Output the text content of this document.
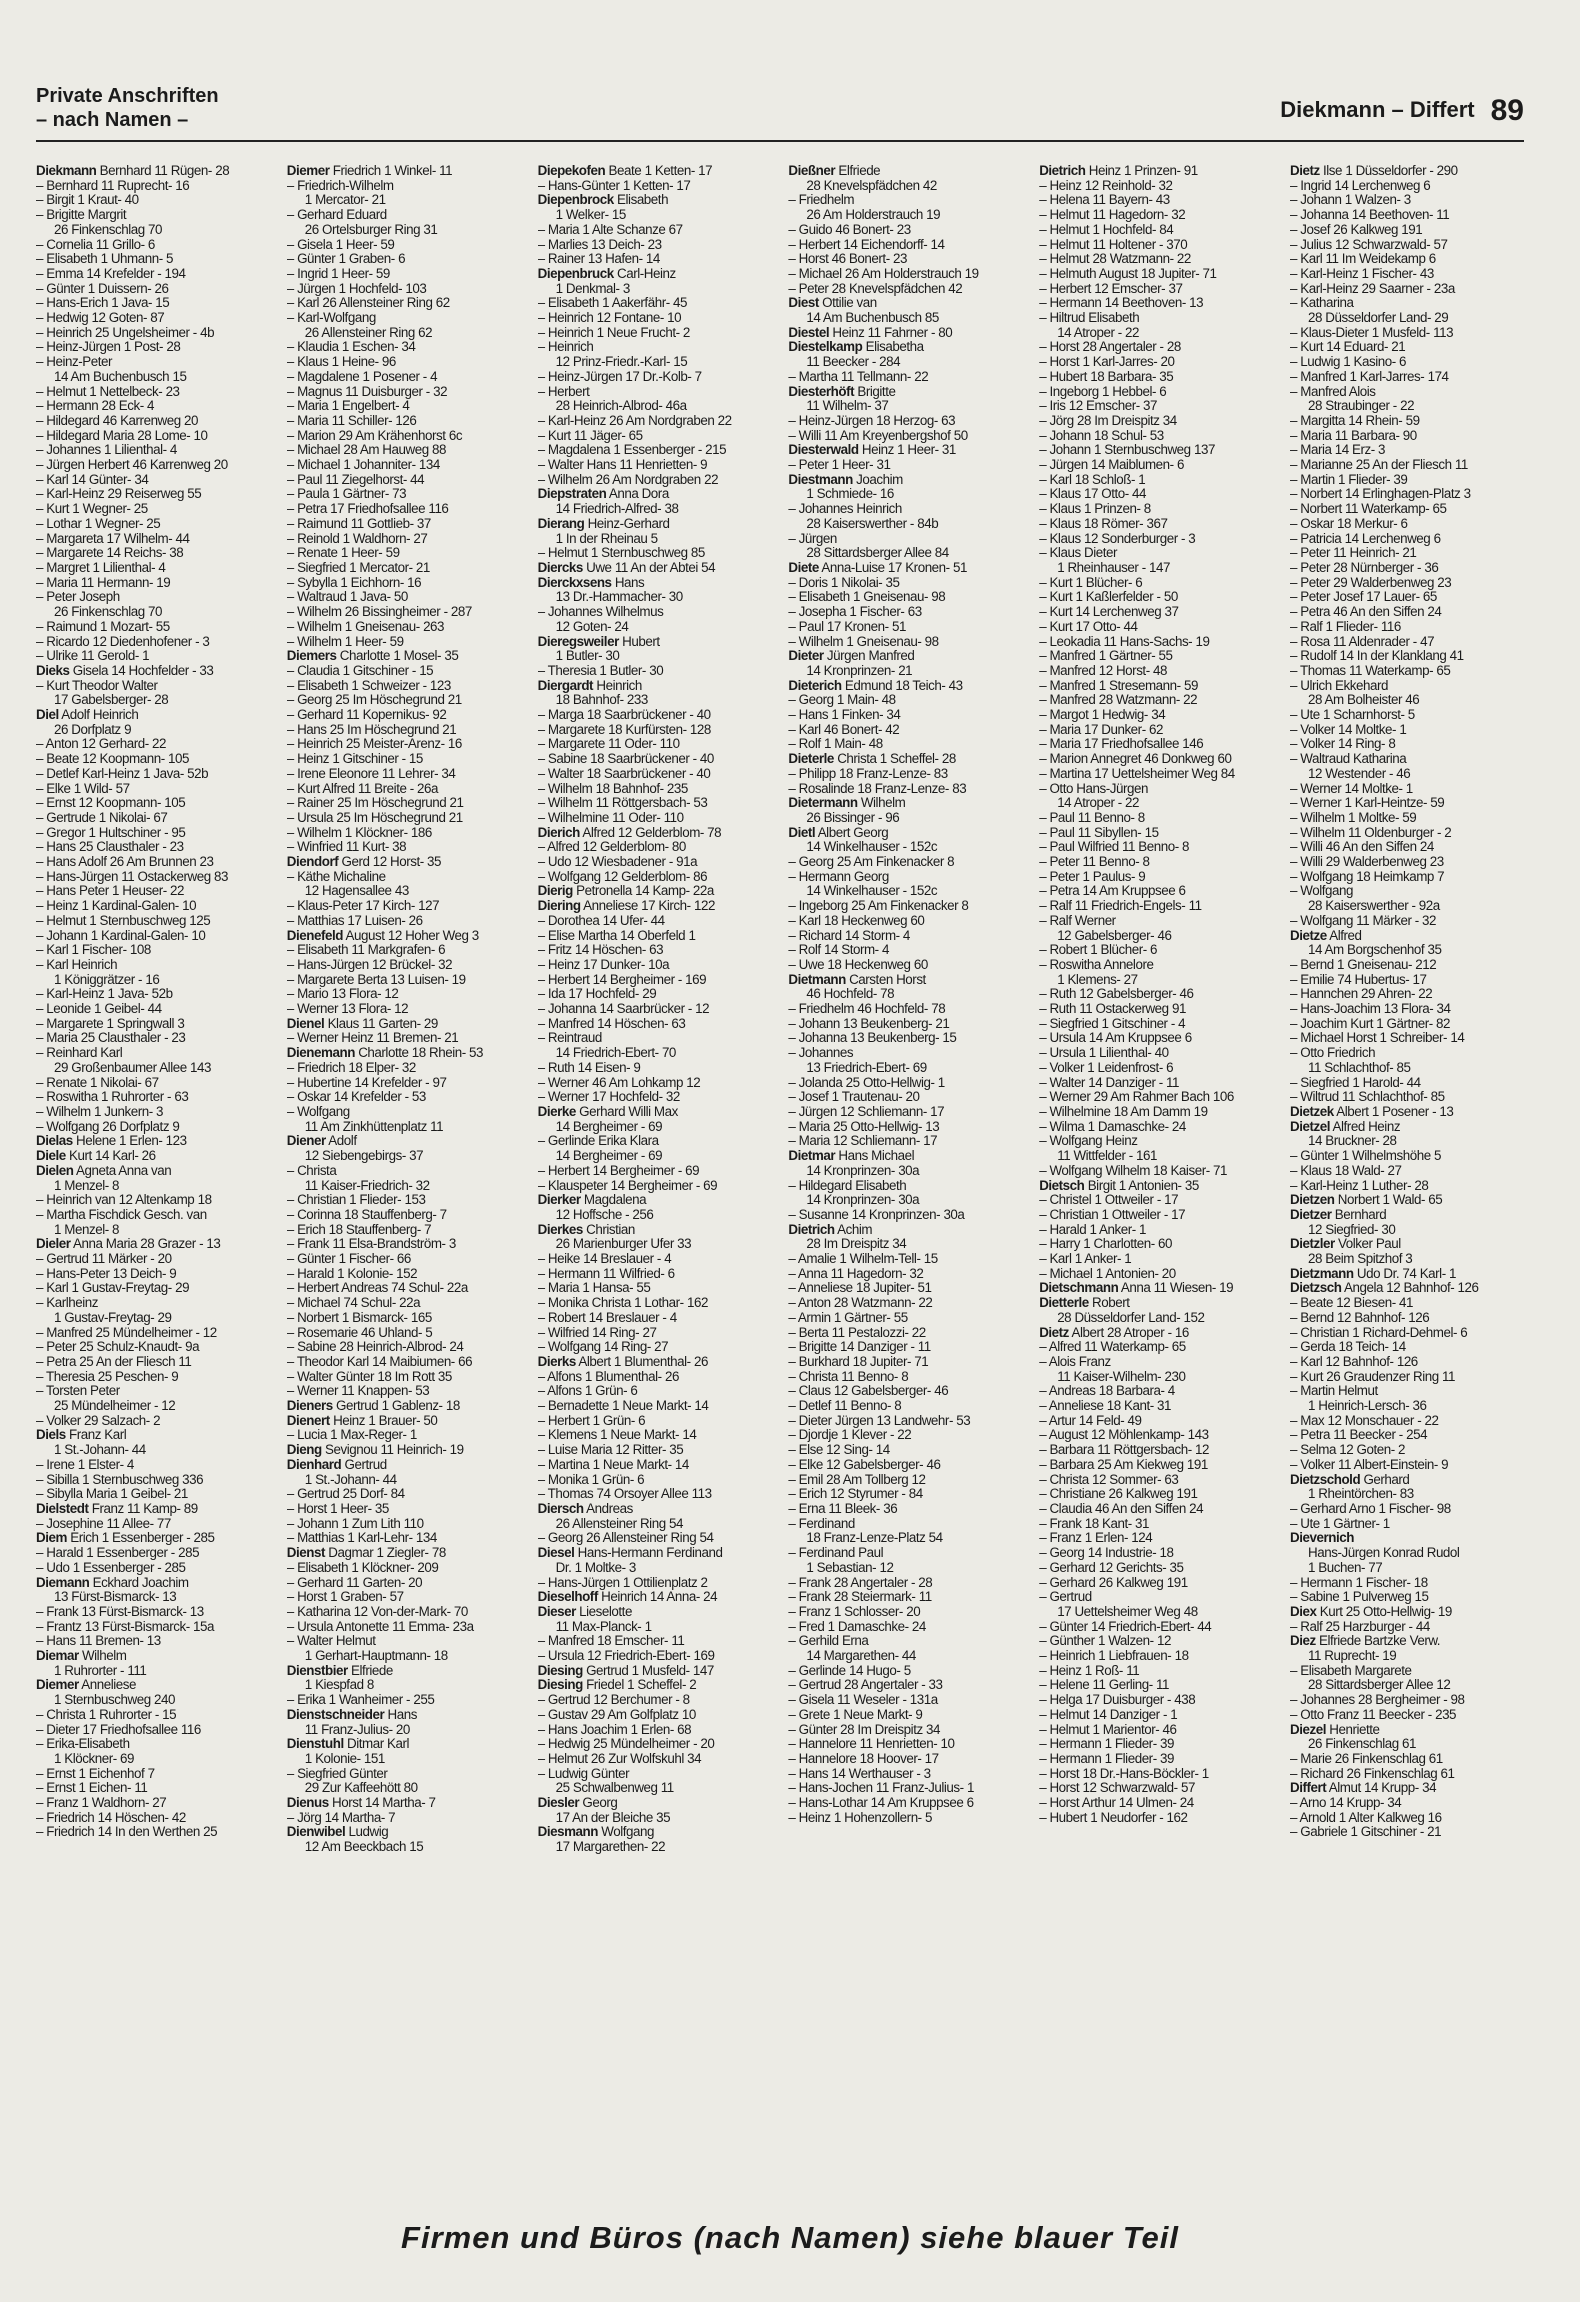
Private Anschriften
– nach Namen –	Diekmann – Differt 89
Diekmann Bernhard 11 Rügen- 28
– Bernhard 11 Ruprecht- 16
– Birgit 1 Kraut- 40
– Brigitte Margrit
26 Finkenschlag 70
– Cornelia 11 Grillo- 6
– Elisabeth 1 Uhmann- 5
– Emma 14 Krefelder - 194
– Günter 1 Duissern- 26
– Hans-Erich 1 Java- 15
– Hedwig 12 Goten- 87
– Heinrich 25 Ungelsheimer - 4b
– Heinz-Jürgen 1 Post- 28
– Heinz-Peter
14 Am Buchenbusch 15
– Helmut 1 Nettelbeck- 23
– Hermann 28 Eck- 4
– Hildegard 46 Karrenweg 20
– Hildegard Maria 28 Lome- 10
– Johannes 1 Lilienthal- 4
– Jürgen Herbert 46 Karrenweg 20
– Karl 14 Günter- 34
– Karl-Heinz 29 Reiserweg 55
– Kurt 1 Wegner- 25
– Lothar 1 Wegner- 25
– Margareta 17 Wilhelm- 44
– Margarete 14 Reichs- 38
– Margret 1 Lilienthal- 4
– Maria 11 Hermann- 19
– Peter Joseph
26 Finkenschlag 70
– Raimund 1 Mozart- 55
– Ricardo 12 Diedenhofener - 3
– Ulrike 11 Gerold- 1
Dieks Gisela 14 Hochfelder - 33
– Kurt Theodor Walter
17 Gabelsberger- 28
Diel Adolf Heinrich
26 Dorfplatz 9
– Anton 12 Gerhard- 22
– Beate 12 Koopmann- 105
– Detlef Karl-Heinz 1 Java- 52b
– Elke 1 Wild- 57
– Ernst 12 Koopmann- 105
– Gertrude 1 Nikolai- 67
– Gregor 1 Hultschiner - 95
– Hans 25 Clausthaler - 23
– Hans Adolf 26 Am Brunnen 23
– Hans-Jürgen 11 Ostackerweg 83
– Hans Peter 1 Heuser- 22
– Heinz 1 Kardinal-Galen- 10
– Helmut 1 Sternbuschweg 125
– Johann 1 Kardinal-Galen- 10
– Karl 1 Fischer- 108
– Karl Heinrich
1 Königgrätzer - 16
– Karl-Heinz 1 Java- 52b
– Leonide 1 Geibel- 44
– Margarete 1 Springwall 3
– Maria 25 Clausthaler - 23
– Reinhard Karl
29 Großenbaumer Allee 143
– Renate 1 Nikolai- 67
– Roswitha 1 Ruhrorter - 63
– Wilhelm 1 Junkern- 3
– Wolfgang 26 Dorfplatz 9
Dielas Helene 1 Erlen- 123
Diele Kurt 14 Karl- 26
Dielen Agneta Anna van
1 Menzel- 8
– Heinrich van 12 Altenkamp 18
– Martha Fischdick Gesch. van
1 Menzel- 8
Dieler Anna Maria 28 Grazer - 13
– Gertrud 11 Märker - 20
– Hans-Peter 13 Deich- 9
– Karl 1 Gustav-Freytag- 29
– Karlheinz
1 Gustav-Freytag- 29
– Manfred 25 Mündelheimer - 12
– Peter 25 Schulz-Knaudt- 9a
– Petra 25 An der Fliesch 11
– Theresia 25 Peschen- 9
– Torsten Peter
25 Mündelheimer - 12
– Volker 29 Salzach- 2
Diels Franz Karl
1 St.-Johann- 44
– Irene 1 Elster- 4
– Sibilla 1 Sternbuschweg 336
– Sibylla Maria 1 Geibel- 21
Dielstedt Franz 11 Kamp- 89
– Josephine 11 Allee- 77
Diem Erich 1 Essenberger - 285
– Harald 1 Essenberger - 285
– Udo 1 Essenberger - 285
Diemann Eckhard Joachim
13 Fürst-Bismarck- 13
– Frank 13 Fürst-Bismarck- 13
– Frantz 13 Fürst-Bismarck- 15a
– Hans 11 Bremen- 13
Diemar Wilhelm
1 Ruhrorter - 111
Diemer Anneliese
1 Sternbuschweg 240
– Christa 1 Ruhrorter - 15
– Dieter 17 Friedhofsallee 116
– Erika-Elisabeth
1 Klöckner- 69
– Ernst 1 Eichenhof 7
– Ernst 1 Eichen- 11
– Franz 1 Waldhorn- 27
– Friedrich 14 Höschen- 42
– Friedrich 14 In den Werthen 25
Diemer Friedrich 1 Winkel- 11
– Friedrich-Wilhelm
1 Mercator- 21
– Gerhard Eduard
26 Ortelsburger Ring 31
– Gisela 1 Heer- 59
– Günter 1 Graben- 6
– Ingrid 1 Heer- 59
– Jürgen 1 Hochfeld- 103
– Karl 26 Allensteiner Ring 62
– Karl-Wolfgang
26 Allensteiner Ring 62
– Klaudia 1 Eschen- 34
– Klaus 1 Heine- 96
– Magdalene 1 Posener - 4
– Magnus 11 Duisburger - 32
– Maria 1 Engelbert- 4
– Maria 11 Schiller- 126
– Marion 29 Am Krähenhorst 6c
– Michael 28 Am Hauweg 88
– Michael 1 Johanniter- 134
– Paul 11 Ziegelhorst- 44
– Paula 1 Gärtner- 73
– Petra 17 Friedhofsallee 116
– Raimund 11 Gottlieb- 37
– Reinold 1 Waldhorn- 27
– Renate 1 Heer- 59
– Siegfried 1 Mercator- 21
– Sybylla 1 Eichhorn- 16
– Waltraud 1 Java- 50
– Wilhelm 26 Bissingheimer - 287
– Wilhelm 1 Gneisenau- 263
– Wilhelm 1 Heer- 59
Diemers Charlotte 1 Mosel- 35
– Claudia 1 Gitschiner - 15
– Elisabeth 1 Schweizer - 123
– Georg 25 Im Höschegrund 21
– Gerhard 11 Kopernikus- 92
– Hans 25 Im Höschegrund 21
– Heinrich 25 Meister-Arenz- 16
– Heinz 1 Gitschiner - 15
– Irene Eleonore 11 Lehrer- 34
– Kurt Alfred 11 Breite - 26a
– Rainer 25 Im Höschegrund 21
– Ursula 25 Im Höschegrund 21
– Wilhelm 1 Klöckner- 186
– Winfried 11 Kurt- 38
Diendorf Gerd 12 Horst- 35
– Käthe Michaline
12 Hagensallee 43
– Klaus-Peter 17 Kirch- 127
– Matthias 17 Luisen- 26
Dienefeld August 12 Hoher Weg 3
– Elisabeth 11 Markgrafen- 6
– Hans-Jürgen 12 Brückel- 32
– Margarete Berta 13 Luisen- 19
– Mario 13 Flora- 12
– Werner 13 Flora- 12
Dienel Klaus 11 Garten- 29
– Werner Heinz 11 Bremen- 21
Dienemann Charlotte 18 Rhein- 53
– Friedrich 18 Elper- 32
– Hubertine 14 Krefelder - 97
– Oskar 14 Krefelder - 53
– Wolfgang
11 Am Zinkhüttenplatz 11
Diener Adolf
12 Siebengebirgs- 37
– Christa
11 Kaiser-Friedrich- 32
– Christian 1 Flieder- 153
– Corinna 18 Stauffenberg- 7
– Erich 18 Stauffenberg- 7
– Frank 11 Elsa-Brandström- 3
– Günter 1 Fischer- 66
– Harald 1 Kolonie- 152
– Herbert Andreas 74 Schul- 22a
– Michael 74 Schul- 22a
– Norbert 1 Bismarck- 165
– Rosemarie 46 Uhland- 5
– Sabine 28 Heinrich-Albrod- 24
– Theodor Karl 14 Maibiumen- 66
– Walter Günter 18 Im Rott 35
– Werner 11 Knappen- 53
Dieners Gertrud 1 Gablenz- 18
Dienert Heinz 1 Brauer- 50
– Lucia 1 Max-Reger- 1
Dieng Sevignou 11 Heinrich- 19
Dienhard Gertrud
1 St.-Johann- 44
– Gertrud 25 Dorf- 84
– Horst 1 Heer- 35
– Johann 1 Zum Lith 110
– Matthias 1 Karl-Lehr- 134
Dienst Dagmar 1 Ziegler- 78
– Elisabeth 1 Klöckner- 209
– Gerhard 11 Garten- 20
– Horst 1 Graben- 57
– Katharina 12 Von-der-Mark- 70
– Ursula Antonette 11 Emma- 23a
– Walter Helmut
1 Gerhart-Hauptmann- 18
Dienstbier Elfriede
1 Kiespfad 8
– Erika 1 Wanheimer - 255
Dienstschneider Hans
11 Franz-Julius- 20
Dienstuhl Ditmar Karl
1 Kolonie- 151
– Siegfried Günter
29 Zur Kaffeehött 80
Dienus Horst 14 Martha- 7
– Jörg 14 Martha- 7
Dienwibel Ludwig
12 Am Beeckbach 15
Diepekofen Beate 1 Ketten- 17
– Hans-Günter 1 Ketten- 17
Diepenbrock Elisabeth
1 Welker- 15
– Maria 1 Alte Schanze 67
– Marlies 13 Deich- 23
– Rainer 13 Hafen- 14
Diepenbruck Carl-Heinz
1 Denkmal- 3
– Elisabeth 1 Aakerfähr- 45
– Heinrich 12 Fontane- 10
– Heinrich 1 Neue Frucht- 2
– Heinrich
12 Prinz-Friedr.-Karl- 15
– Heinz-Jürgen 17 Dr.-Kolb- 7
– Herbert
28 Heinrich-Albrod- 46a
– Karl-Heinz 26 Am Nordgraben 22
– Kurt 11 Jäger- 65
– Magdalena 1 Essenberger - 215
– Walter Hans 11 Henrietten- 9
– Wilhelm 26 Am Nordgraben 22
Diepstraten Anna Dora
14 Friedrich-Alfred- 38
Dierang Heinz-Gerhard
1 In der Rheinau 5
– Helmut 1 Sternbuschweg 85
Diercks Uwe 11 An der Abtei 54
Dierckxsens Hans
13 Dr.-Hammacher- 30
– Johannes Wilhelmus
12 Goten- 24
Dieregsweiler Hubert
1 Butler- 30
– Theresia 1 Butler- 30
Diergardt Heinrich
18 Bahnhof- 233
– Marga 18 Saarbrückener - 40
– Margarete 18 Kurfürsten- 128
– Margarete 11 Oder- 110
– Sabine 18 Saarbrückener - 40
– Walter 18 Saarbrückener - 40
– Wilhelm 18 Bahnhof- 235
– Wilhelm 11 Röttgersbach- 53
– Wilhelmine 11 Oder- 110
Dierich Alfred 12 Gelderblom- 78
– Alfred 12 Gelderblom- 80
– Udo 12 Wiesbadener - 91a
– Wolfgang 12 Gelderblom- 86
Dierig Petronella 14 Kamp- 22a
Diering Anneliese 17 Kirch- 122
– Dorothea 14 Ufer- 44
– Elise Martha 14 Oberfeld 1
– Fritz 14 Höschen- 63
– Heinz 17 Dunker- 10a
– Herbert 14 Bergheimer - 169
– Ida 17 Hochfeld- 29
– Johanna 14 Saarbrücker - 12
– Manfred 14 Höschen- 63
– Reintraud
14 Friedrich-Ebert- 70
– Ruth 14 Eisen- 9
– Werner 46 Am Lohkamp 12
– Werner 17 Hochfeld- 32
Dierke Gerhard Willi Max
14 Bergheimer - 69
– Gerlinde Erika Klara
14 Bergheimer - 69
– Herbert 14 Bergheimer - 69
– Klauspeter 14 Bergheimer - 69
Dierker Magdalena
12 Hoffsche - 256
Dierkes Christian
26 Marienburger Ufer 33
– Heike 14 Breslauer - 4
– Hermann 11 Wilfried- 6
– Maria 1 Hansa- 55
– Monika Christa 1 Lothar- 162
– Robert 14 Breslauer - 4
– Wilfried 14 Ring- 27
– Wolfgang 14 Ring- 27
Dierks Albert 1 Blumenthal- 26
– Alfons 1 Blumenthal- 26
– Alfons 1 Grün- 6
– Bernadette 1 Neue Markt- 14
– Herbert 1 Grün- 6
– Klemens 1 Neue Markt- 14
– Luise Maria 12 Ritter- 35
– Martina 1 Neue Markt- 14
– Monika 1 Grün- 6
– Thomas 74 Orsoyer Allee 113
Diersch Andreas
26 Allensteiner Ring 54
– Georg 26 Allensteiner Ring 54
Diesel Hans-Hermann Ferdinand
Dr. 1 Moltke- 3
– Hans-Jürgen 1 Ottilienplatz 2
Dieselhoff Heinrich 14 Anna- 24
Dieser Lieselotte
11 Max-Planck- 1
– Manfred 18 Emscher- 11
– Ursula 12 Friedrich-Ebert- 169
Diesing Gertrud 1 Musfeld- 147
Diesing Friedel 1 Scheffel- 2
– Gertrud 12 Berchumer - 8
– Gustav 29 Am Golfplatz 10
– Hans Joachim 1 Erlen- 68
– Hedwig 25 Mündelheimer - 20
– Helmut 26 Zur Wolfskuhl 34
– Ludwig Günter
25 Schwalbenweg 11
Diesler Georg
17 An der Bleiche 35
Diesmann Wolfgang
17 Margarethen- 22
Dießner Elfriede
28 Knevelspfädchen 42
– Friedhelm
26 Am Holderstrauch 19
– Guido 46 Bonert- 23
– Herbert 14 Eichendorff- 14
– Horst 46 Bonert- 23
– Michael 26 Am Holderstrauch 19
– Peter 28 Knevelspfädchen 42
Diest Ottilie van
14 Am Buchenbusch 85
Diestel Heinz 11 Fahrner - 80
Diestelkamp Elisabetha
11 Beecker - 284
– Martha 11 Tellmann- 22
Diesterhöft Brigitte
11 Wilhelm- 37
– Heinz-Jürgen 18 Herzog- 63
– Willi 11 Am Kreyenbergshof 50
Diesterwald Heinz 1 Heer- 31
– Peter 1 Heer- 31
Diestmann Joachim
1 Schmiede- 16
– Johannes Heinrich
28 Kaiserswerther - 84b
– Jürgen
28 Sittardsberger Allee 84
Diete Anna-Luise 17 Kronen- 51
– Doris 1 Nikolai- 35
– Elisabeth 1 Gneisenau- 98
– Josepha 1 Fischer- 63
– Paul 17 Kronen- 51
– Wilhelm 1 Gneisenau- 98
Dieter Jürgen Manfred
14 Kronprinzen- 21
Dieterich Edmund 18 Teich- 43
– Georg 1 Main- 48
– Hans 1 Finken- 34
– Karl 46 Bonert- 42
– Rolf 1 Main- 48
Dieterle Christa 1 Scheffel- 28
– Philipp 18 Franz-Lenze- 83
– Rosalinde 18 Franz-Lenze- 83
Dietermann Wilhelm
26 Bissinger - 96
Dietl Albert Georg
14 Winkelhauser - 152c
– Georg 25 Am Finkenacker 8
– Hermann Georg
14 Winkelhauser - 152c
– Ingeborg 25 Am Finkenacker 8
– Karl 18 Heckenweg 60
– Richard 14 Storm- 4
– Rolf 14 Storm- 4
– Uwe 18 Heckenweg 60
Dietmann Carsten Horst
46 Hochfeld- 78
– Friedhelm 46 Hochfeld- 78
– Johann 13 Beukenberg- 21
– Johanna 13 Beukenberg- 15
– Johannes
13 Friedrich-Ebert- 69
– Jolanda 25 Otto-Hellwig- 1
– Josef 1 Trautenau- 20
– Jürgen 12 Schliemann- 17
– Maria 25 Otto-Hellwig- 13
– Maria 12 Schliemann- 17
Dietmar Hans Michael
14 Kronprinzen- 30a
– Hildegard Elisabeth
14 Kronprinzen- 30a
– Susanne 14 Kronprinzen- 30a
Dietrich Achim
28 Im Dreispitz 34
– Amalie 1 Wilhelm-Tell- 15
– Anna 11 Hagedorn- 32
– Anneliese 18 Jupiter- 51
– Anton 28 Watzmann- 22
– Armin 1 Gärtner- 55
– Berta 11 Pestalozzi- 22
– Brigitte 14 Danziger - 11
– Burkhard 18 Jupiter- 71
– Christa 11 Benno- 8
– Claus 12 Gabelsberger- 46
– Detlef 11 Benno- 8
– Dieter Jürgen 13 Landwehr- 53
– Djordje 1 Klever - 22
– Else 12 Sing- 14
– Elke 12 Gabelsberger- 46
– Emil 28 Am Tollberg 12
– Erich 12 Styrumer - 84
– Erna 11 Bleek- 36
– Ferdinand
18 Franz-Lenze-Platz 54
– Ferdinand Paul
1 Sebastian- 12
– Frank 28 Angertaler - 28
– Frank 28 Steiermark- 11
– Franz 1 Schlosser- 20
– Fred 1 Damaschke- 24
– Gerhild Erna
14 Margarethen- 44
– Gerlinde 14 Hugo- 5
– Gertrud 28 Angertaler - 33
– Gisela 11 Weseler - 131a
– Grete 1 Neue Markt- 9
– Günter 28 Im Dreispitz 34
– Hannelore 11 Henrietten- 10
– Hannelore 18 Hoover- 17
– Hans 14 Werthauser - 3
– Hans-Jochen 11 Franz-Julius- 1
– Hans-Lothar 14 Am Kruppsee 6
– Heinz 1 Hohenzollern- 5
Dietrich Heinz 1 Prinzen- 91
– Heinz 12 Reinhold- 32
– Helena 11 Bayern- 43
– Helmut 11 Hagedorn- 32
– Helmut 1 Hochfeld- 84
– Helmut 11 Holtener - 370
– Helmut 28 Watzmann- 22
– Helmuth August 18 Jupiter- 71
– Herbert 12 Emscher- 37
– Hermann 14 Beethoven- 13
– Hiltrud Elisabeth
14 Atroper - 22
– Horst 28 Angertaler - 28
– Horst 1 Karl-Jarres- 20
– Hubert 18 Barbara- 35
– Ingeborg 1 Hebbel- 6
– Iris 12 Emscher- 37
– Jörg 28 Im Dreispitz 34
– Johann 18 Schul- 53
– Johann 1 Sternbuschweg 137
– Jürgen 14 Maiblumen- 6
– Karl 18 Schloß- 1
– Klaus 17 Otto- 44
– Klaus 1 Prinzen- 8
– Klaus 18 Römer- 367
– Klaus 12 Sonderburger - 3
– Klaus Dieter
1 Rheinhauser - 147
– Kurt 1 Blücher- 6
– Kurt 1 Kaßlerfelder - 50
– Kurt 14 Lerchenweg 37
– Kurt 17 Otto- 44
– Leokadia 11 Hans-Sachs- 19
– Manfred 1 Gärtner- 55
– Manfred 12 Horst- 48
– Manfred 1 Stresemann- 59
– Manfred 28 Watzmann- 22
– Margot 1 Hedwig- 34
– Maria 17 Dunker- 62
– Maria 17 Friedhofsallee 146
– Marion Annegret 46 Donkweg 60
– Martina 17 Uettelsheimer Weg 84
– Otto Hans-Jürgen
14 Atroper - 22
– Paul 11 Benno- 8
– Paul 11 Sibyllen- 15
– Paul Wilfried 11 Benno- 8
– Peter 11 Benno- 8
– Peter 1 Paulus- 9
– Petra 14 Am Kruppsee 6
– Ralf 11 Friedrich-Engels- 11
– Ralf Werner
12 Gabelsberger- 46
– Robert 1 Blücher- 6
– Roswitha Annelore
1 Klemens- 27
– Ruth 12 Gabelsberger- 46
– Ruth 11 Ostackerweg 91
– Siegfried 1 Gitschiner - 4
– Ursula 14 Am Kruppsee 6
– Ursula 1 Lilienthal- 40
– Volker 1 Leidenfrost- 6
– Walter 14 Danziger - 11
– Werner 29 Am Rahmer Bach 106
– Wilhelmine 18 Am Damm 19
– Wilma 1 Damaschke- 24
– Wolfgang Heinz
11 Wittfelder - 161
– Wolfgang Wilhelm 18 Kaiser- 71
Dietsch Birgit 1 Antonien- 35
– Christel 1 Ottweiler - 17
– Christian 1 Ottweiler - 17
– Harald 1 Anker- 1
– Harry 1 Charlotten- 60
– Karl 1 Anker- 1
– Michael 1 Antonien- 20
Dietschmann Anna 11 Wiesen- 19
Dietterle Robert
28 Düsseldorfer Land- 152
Dietz Albert 28 Atroper - 16
– Alfred 11 Waterkamp- 65
– Alois Franz
11 Kaiser-Wilhelm- 230
– Andreas 18 Barbara- 4
– Anneliese 18 Kant- 31
– Artur 14 Feld- 49
– August 12 Möhlenkamp- 143
– Barbara 11 Röttgersbach- 12
– Barbara 25 Am Kiekweg 191
– Christa 12 Sommer- 63
– Christiane 26 Kalkweg 191
– Claudia 46 An den Siffen 24
– Frank 18 Kant- 31
– Franz 1 Erlen- 124
– Georg 14 Industrie- 18
– Gerhard 12 Gerichts- 35
– Gerhard 26 Kalkweg 191
– Gertrud
17 Uettelsheimer Weg 48
– Günter 14 Friedrich-Ebert- 44
– Günther 1 Walzen- 12
– Heinrich 1 Liebfrauen- 18
– Heinz 1 Roß- 11
– Helene 11 Gerling- 11
– Helga 17 Duisburger - 438
– Helmut 14 Danziger - 1
– Helmut 1 Marientor- 46
– Hermann 1 Flieder- 39
– Hermann 1 Flieder- 39
– Horst 18 Dr.-Hans-Böckler- 1
– Horst 12 Schwarzwald- 57
– Horst Arthur 14 Ulmen- 24
– Hubert 1 Neudorfer - 162
Dietz Ilse 1 Düsseldorfer - 290
– Ingrid 14 Lerchenweg 6
– Johann 1 Walzen- 3
– Johanna 14 Beethoven- 11
– Josef 26 Kalkweg 191
– Julius 12 Schwarzwald- 57
– Karl 11 Im Weidekamp 6
– Karl-Heinz 1 Fischer- 43
– Karl-Heinz 29 Saarner - 23a
– Katharina
28 Düsseldorfer Land- 29
– Klaus-Dieter 1 Musfeld- 113
– Kurt 14 Eduard- 21
– Ludwig 1 Kasino- 6
– Manfred 1 Karl-Jarres- 174
– Manfred Alois
28 Straubinger - 22
– Margitta 14 Rhein- 59
– Maria 11 Barbara- 90
– Maria 14 Erz- 3
– Marianne 25 An der Fliesch 11
– Martin 1 Flieder- 39
– Norbert 14 Erlinghagen-Platz 3
– Norbert 11 Waterkamp- 65
– Oskar 18 Merkur- 6
– Patricia 14 Lerchenweg 6
– Peter 11 Heinrich- 21
– Peter 28 Nürnberger - 36
– Peter 29 Walderbenweg 23
– Peter Josef 17 Lauer- 65
– Petra 46 An den Siffen 24
– Ralf 1 Flieder- 116
– Rosa 11 Aldenrader - 47
– Rudolf 14 In der Klanklang 41
– Thomas 11 Waterkamp- 65
– Ulrich Ekkehard
28 Am Bolheister 46
– Ute 1 Scharnhorst- 5
– Volker 14 Moltke- 1
– Volker 14 Ring- 8
– Waltraud Katharina
12 Westender - 46
– Werner 14 Moltke- 1
– Werner 1 Karl-Heintze- 59
– Wilhelm 1 Moltke- 59
– Wilhelm 11 Oldenburger - 2
– Willi 46 An den Siffen 24
– Willi 29 Walderbenweg 23
– Wolfgang 18 Heimkamp 7
– Wolfgang
28 Kaiserswerther - 92a
– Wolfgang 11 Märker - 32
Dietze Alfred
14 Am Borgschenhof 35
– Bernd 1 Gneisenau- 212
– Emilie 74 Hubertus- 17
– Hannchen 29 Ahren- 22
– Hans-Joachim 13 Flora- 34
– Joachim Kurt 1 Gärtner- 82
– Michael Horst 1 Schreiber- 14
– Otto Friedrich
11 Schlachthof- 85
– Siegfried 1 Harold- 44
– Wiltrud 11 Schlachthof- 85
Dietzek Albert 1 Posener - 13
Dietzel Alfred Heinz
14 Bruckner- 28
– Günter 1 Wilhelmshöhe 5
– Klaus 18 Wald- 27
– Karl-Heinz 1 Luther- 28
Dietzen Norbert 1 Wald- 65
Dietzer Bernhard
12 Siegfried- 30
Dietzler Volker Paul
28 Beim Spitzhof 3
Dietzmann Udo Dr. 74 Karl- 1
Dietzsch Angela 12 Bahnhof- 126
– Beate 12 Biesen- 41
– Bernd 12 Bahnhof- 126
– Christian 1 Richard-Dehmel- 6
– Gerda 18 Teich- 14
– Karl 12 Bahnhof- 126
– Kurt 26 Graudenzer Ring 11
– Martin Helmut
1 Heinrich-Lersch- 36
– Max 12 Monschauer - 22
– Petra 11 Beecker - 254
– Selma 12 Goten- 2
– Volker 11 Albert-Einstein- 9
Dietzschold Gerhard
1 Rheintörchen- 83
– Gerhard Arno 1 Fischer- 98
– Ute 1 Gärtner- 1
Dievernich
Hans-Jürgen Konrad Rudol
1 Buchen- 77
– Hermann 1 Fischer- 18
– Sabine 1 Pulverweg 15
Diex Kurt 25 Otto-Hellwig- 19
– Ralf 25 Harzburger - 44
Diez Elfriede Bartzke Verw.
11 Ruprecht- 19
– Elisabeth Margarete
28 Sittardsberger Allee 12
– Johannes 28 Bergheimer - 98
– Otto Franz 11 Beecker - 235
Diezel Henriette
26 Finkenschlag 61
– Marie 26 Finkenschlag 61
– Richard 26 Finkenschlag 61
Differt Almut 14 Krupp- 34
– Arno 14 Krupp- 34
– Arnold 1 Alter Kalkweg 16
– Gabriele 1 Gitschiner - 21
Firmen und Büros (nach Namen) siehe blauer Teil
